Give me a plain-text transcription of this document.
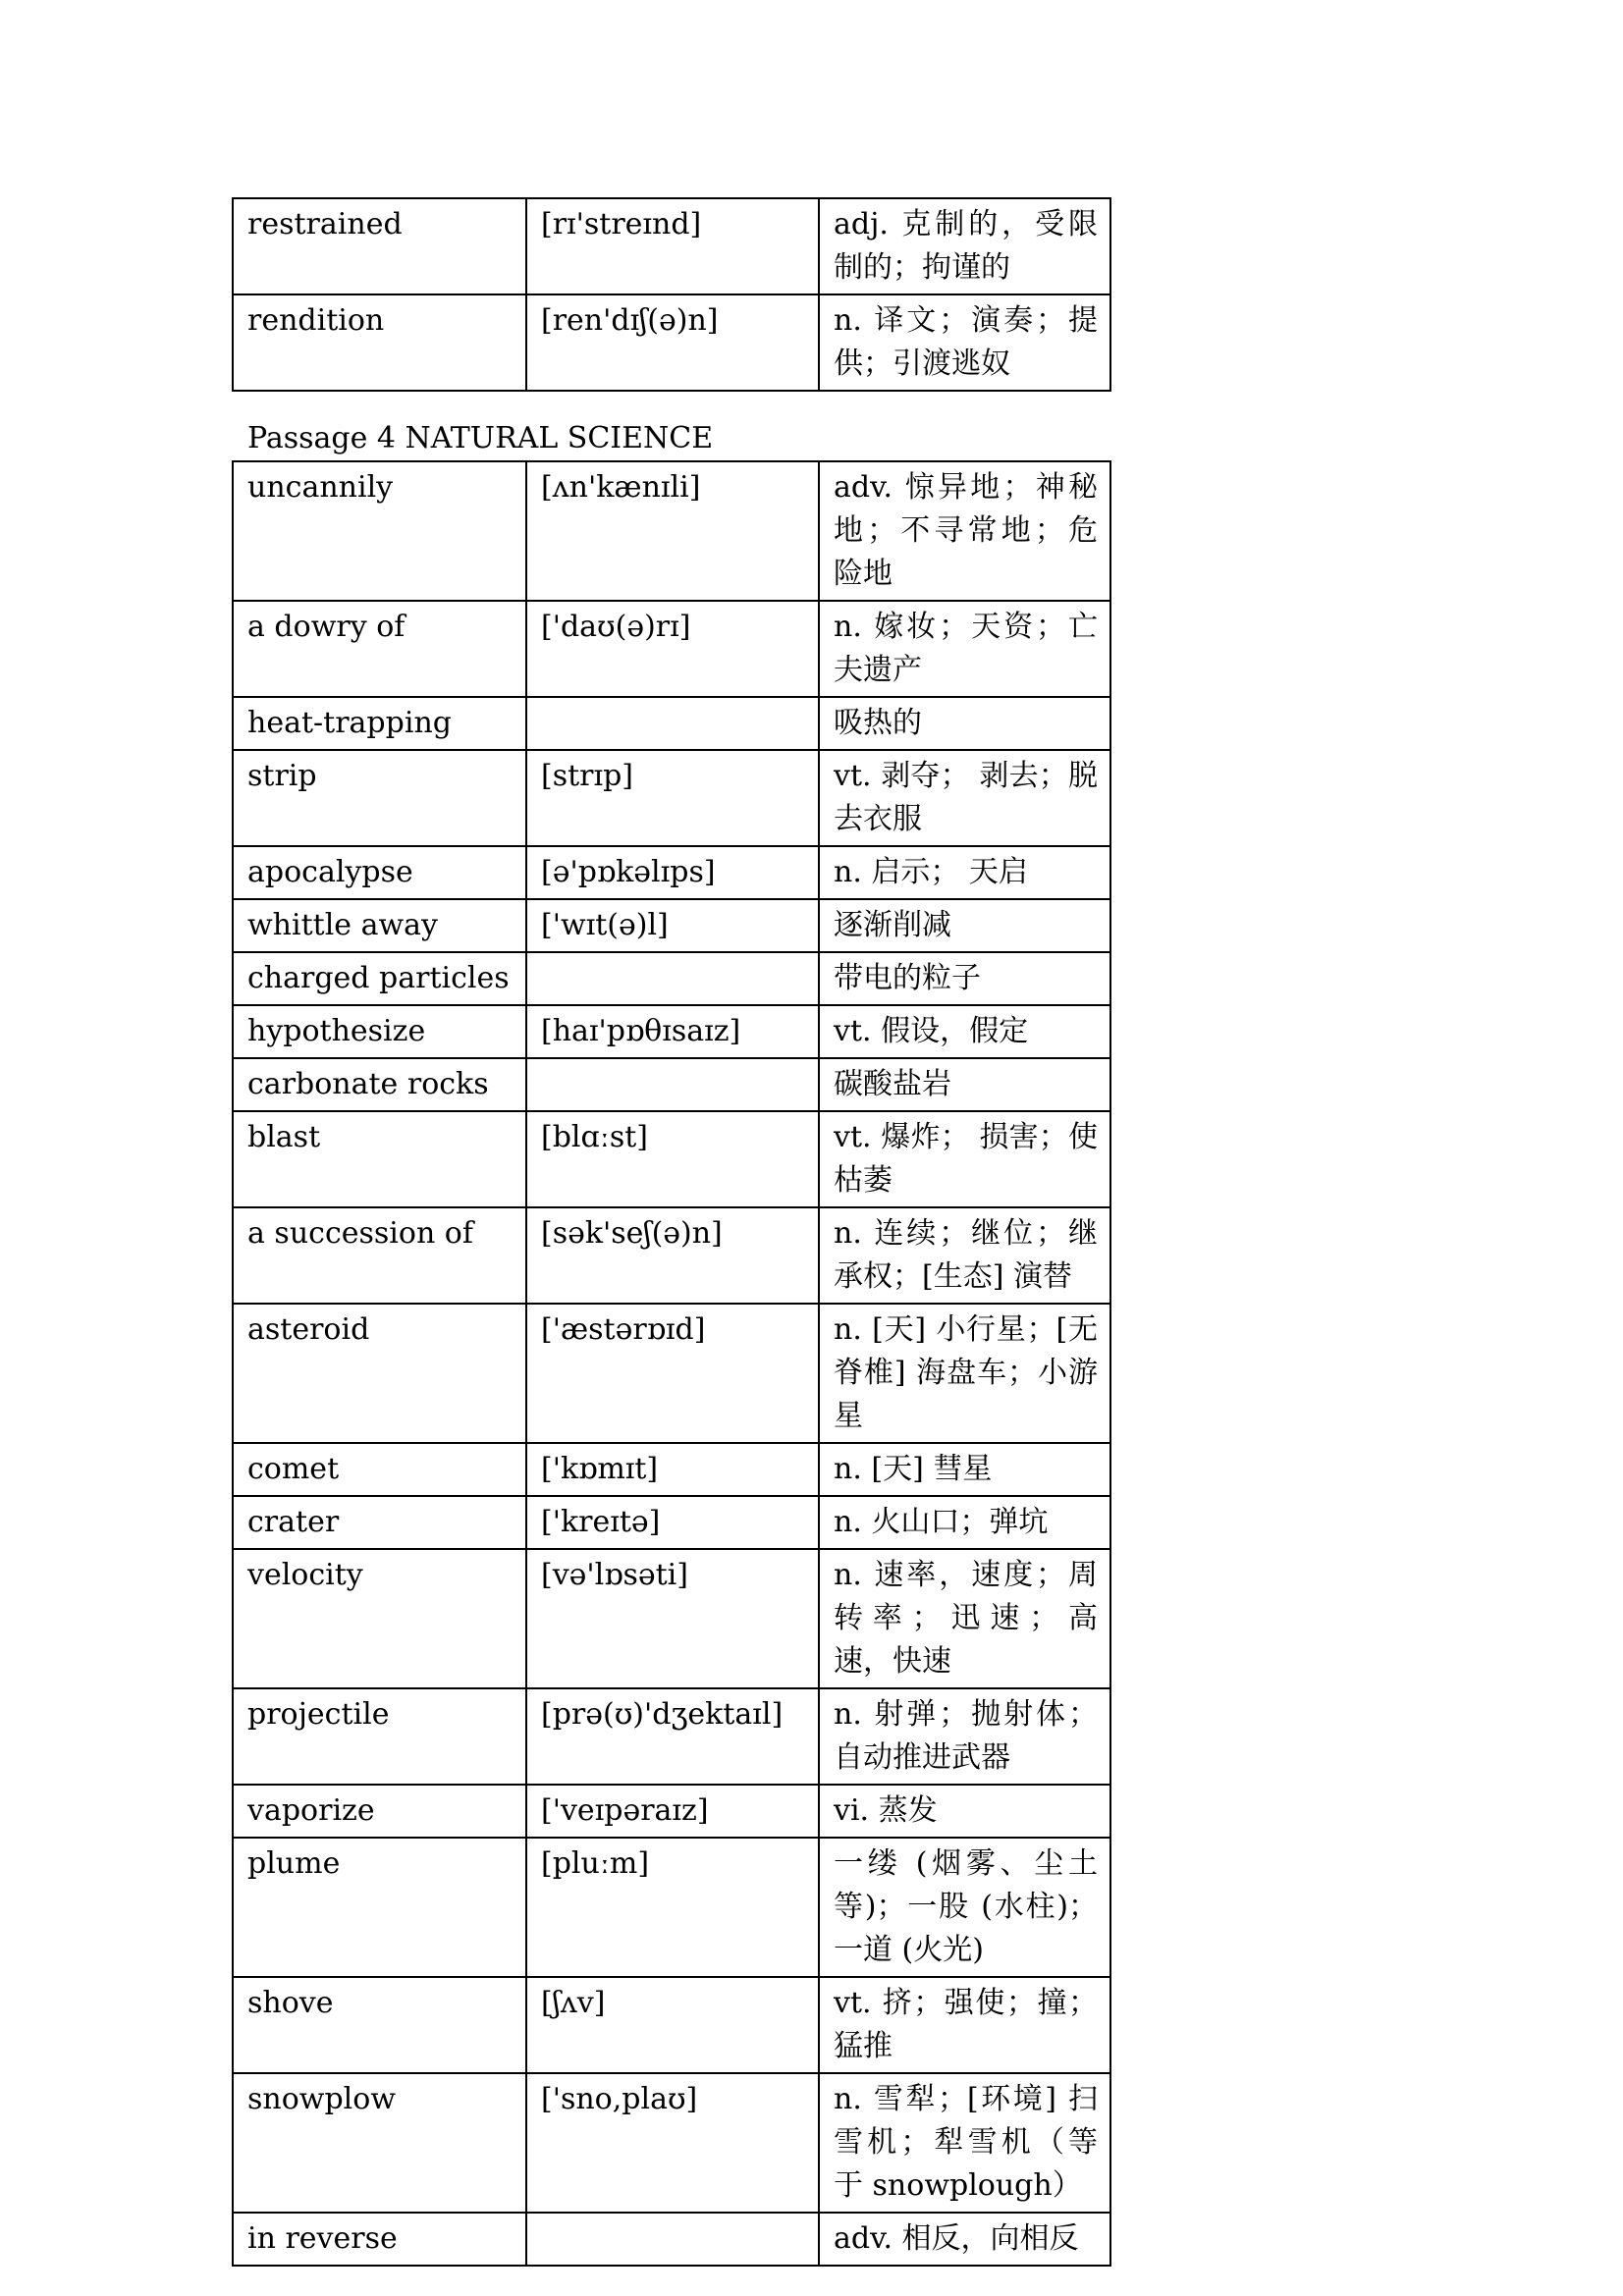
restrained	[rɪ'streɪnd]	adj. 克制的，受限制的；拘谨的
rendition	[ren'dɪʃ(ə)n]	n. 译文；演奏；提供；引渡逃奴

Passage 4 NATURAL SCIENCE

uncannily	[ʌn'kænɪli]	adv. 惊异地；神秘地；不寻常地；危险地
a dowry of	['daʊ(ə)rɪ]	n. 嫁妆；天资；亡夫遗产
heat-trapping		吸热的
strip	[strɪp]	vt. 剥夺； 剥去；脱去衣服
apocalypse	[ə'pɒkəlɪps]	n. 启示； 天启
whittle away	['wɪt(ə)l]	逐渐削减
charged particles		带电的粒子
hypothesize	[haɪ'pɒθɪsaɪz]	vt. 假设，假定
carbonate rocks		碳酸盐岩
blast	[blɑːst]	vt. 爆炸； 损害；使枯萎
a succession of	[sək'seʃ(ə)n]	n. 连续；继位；继承权；[生态] 演替
asteroid	['æstərɒɪd]	n. [天] 小行星；[无脊椎] 海盘车；小游星
comet	['kɒmɪt]	n. [天] 彗星
crater	['kreɪtə]	n. 火山口；弹坑
velocity	[və'lɒsəti]	n. 速率，速度；周转率；迅速；高速，快速
projectile	[prə(ʊ)'dʒektaɪl]	n. 射弹；抛射体；自动推进武器
vaporize	['veɪpəraɪz]	vi. 蒸发
plume	[pluːm]	一缕 (烟雾、尘土等)；一股 (水柱)；一道 (火光)
shove	[ʃʌv]	vt. 挤；强使；撞；猛推
snowplow	['sno,plaʊ]	n. 雪犁；[环境] 扫雪机；犁雪机（等于 snowplough）
in reverse		adv. 相反，向相反
